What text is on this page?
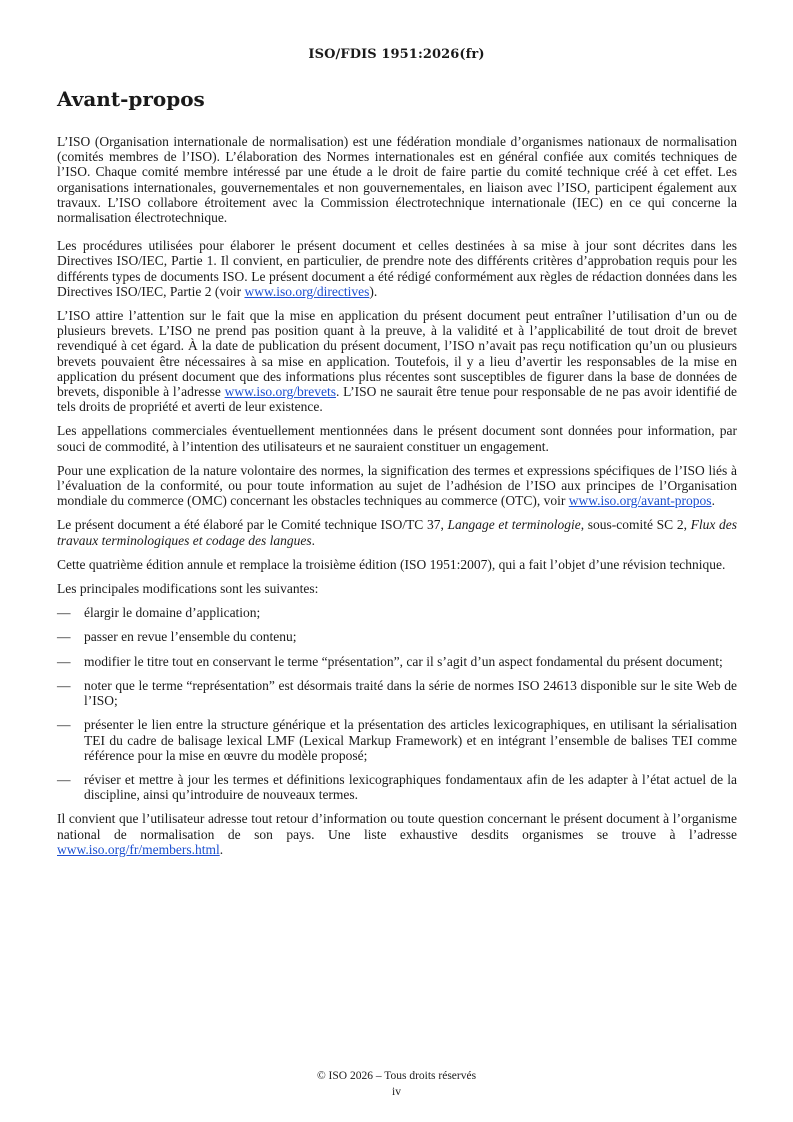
ISO/FDIS 1951:2026(fr)
Avant-propos

L’ISO (Organisation internationale de normalisation) est une fédération mondiale d’organismes nationaux de normalisation (comités membres de l’ISO). L’élaboration des Normes internationales est en général confiée aux comités techniques de l’ISO. Chaque comité membre intéressé par une étude a le droit de faire partie du comité technique créé à cet effet. Les organisations internationales, gouvernementales et non gouvernementales, en liaison avec l’ISO, participent également aux travaux. L’ISO collabore étroitement avec la Commission électrotechnique internationale (IEC) en ce qui concerne la normalisation électrotechnique.

Les procédures utilisées pour élaborer le présent document et celles destinées à sa mise à jour sont décrites dans les Directives ISO/IEC, Partie 1. Il convient, en particulier, de prendre note des différents critères d’approbation requis pour les différents types de documents ISO. Le présent document a été rédigé conformément aux règles de rédaction données dans les Directives ISO/IEC, Partie 2 (voir www.iso.org/directives).

L’ISO attire l’attention sur le fait que la mise en application du présent document peut entraîner l’utilisation d’un ou de plusieurs brevets. L’ISO ne prend pas position quant à la preuve, à la validité et à l’applicabilité de tout droit de brevet revendiqué à cet égard. À la date de publication du présent document, l’ISO n’avait pas reçu notification qu’un ou plusieurs brevets pouvaient être nécessaires à sa mise en application. Toutefois, il y a lieu d’avertir les responsables de la mise en application du présent document que des informations plus récentes sont susceptibles de figurer dans la base de données de brevets, disponible à l’adresse www.iso.org/brevets. L’ISO ne saurait être tenue pour responsable de ne pas avoir identifié de tels droits de propriété et averti de leur existence.

Les appellations commerciales éventuellement mentionnées dans le présent document sont données pour information, par souci de commodité, à l’intention des utilisateurs et ne sauraient constituer un engagement.

Pour une explication de la nature volontaire des normes, la signification des termes et expressions spécifiques de l’ISO liés à l’évaluation de la conformité, ou pour toute information au sujet de l’adhésion de l’ISO aux principes de l’Organisation mondiale du commerce (OMC) concernant les obstacles techniques au commerce (OTC), voir www.iso.org/avant-propos.

Le présent document a été élaboré par le Comité technique ISO/TC 37, Langage et terminologie, sous-comité SC 2, Flux des travaux terminologiques et codage des langues.

Cette quatrième édition annule et remplace la troisième édition (ISO 1951:2007), qui a fait l’objet d’une révision technique.

Les principales modifications sont les suivantes:

— élargir le domaine d’application;
— passer en revue l’ensemble du contenu;
— modifier le titre tout en conservant le terme “présentation”, car il s’agit d’un aspect fondamental du présent document;
— noter que le terme “représentation” est désormais traité dans la série de normes ISO 24613 disponible sur le site Web de l’ISO;
— présenter le lien entre la structure générique et la présentation des articles lexicographiques, en utilisant la sérialisation TEI du cadre de balisage lexical LMF (Lexical Markup Framework) et en intégrant l’ensemble de balises TEI comme référence pour la mise en œuvre du modèle proposé;
— réviser et mettre à jour les termes et définitions lexicographiques fondamentaux afin de les adapter à l’état actuel de la discipline, ainsi qu’introduire de nouveaux termes.

Il convient que l’utilisateur adresse tout retour d’information ou toute question concernant le présent document à l’organisme national de normalisation de son pays. Une liste exhaustive desdits organismes se trouve à l’adresse www.iso.org/fr/members.html.

© ISO 2026 – Tous droits réservés
iv
